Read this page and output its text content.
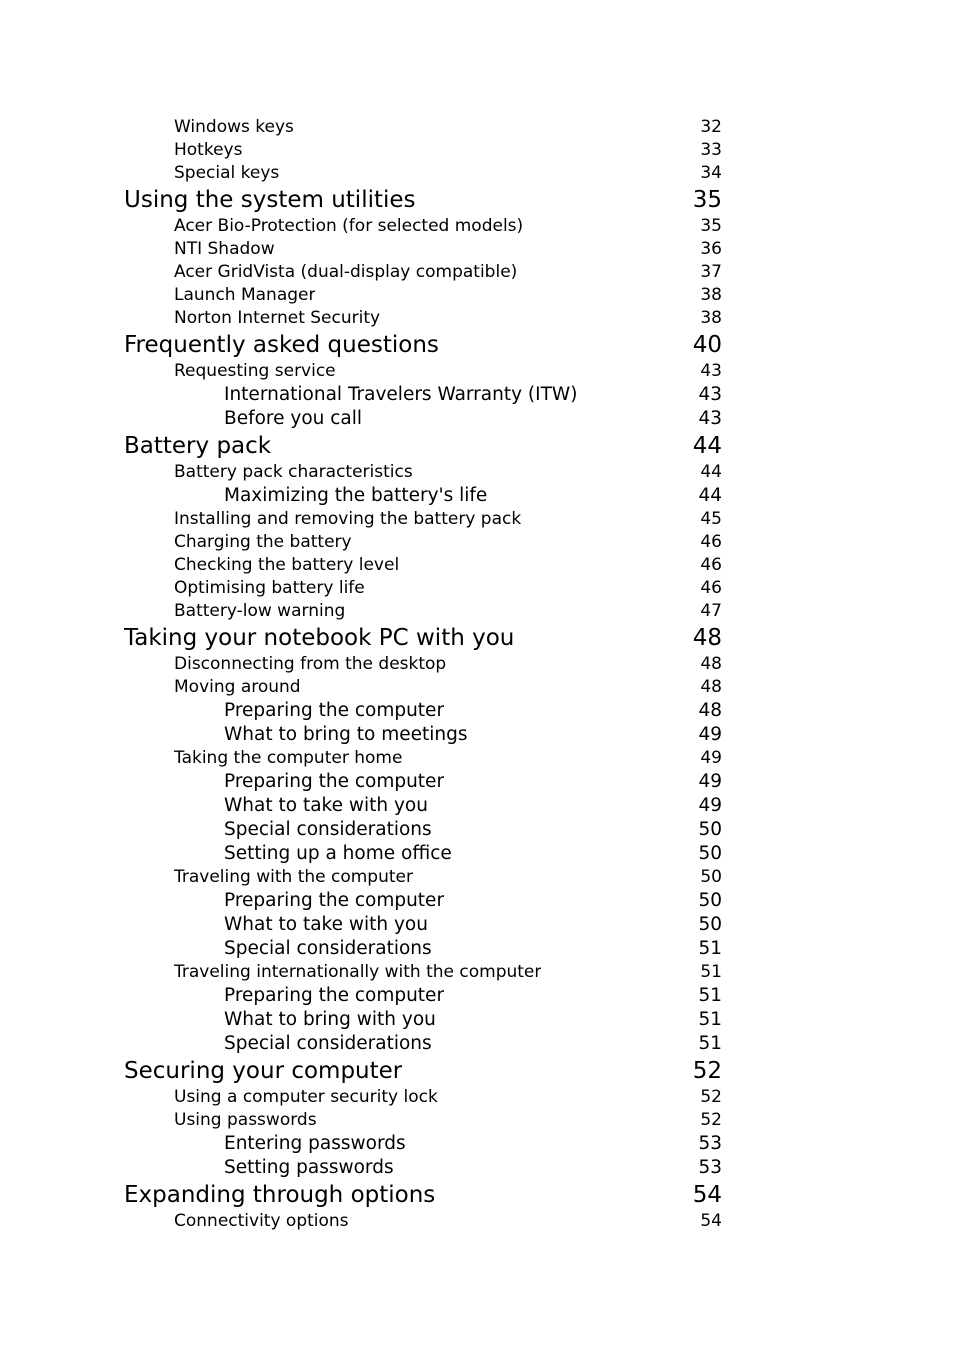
Windows keys	32
Hotkeys	33
Special keys	34
Using the system utilities	35
Acer Bio-Protection (for selected models)	35
NTI Shadow	36
Acer GridVista (dual-display compatible)	37
Launch Manager	38
Norton Internet Security	38
Frequently asked questions	40
Requesting service	43
International Travelers Warranty (ITW)	43
Before you call	43
Battery pack	44
Battery pack characteristics	44
Maximizing the battery's life	44
Installing and removing the battery pack	45
Charging the battery	46
Checking the battery level	46
Optimising battery life	46
Battery-low warning	47
Taking your notebook PC with you	48
Disconnecting from the desktop	48
Moving around	48
Preparing the computer	48
What to bring to meetings	49
Taking the computer home	49
Preparing the computer	49
What to take with you	49
Special considerations	50
Setting up a home office	50
Traveling with the computer	50
Preparing the computer	50
What to take with you	50
Special considerations	51
Traveling internationally with the computer	51
Preparing the computer	51
What to bring with you	51
Special considerations	51
Securing your computer	52
Using a computer security lock	52
Using passwords	52
Entering passwords	53
Setting passwords	53
Expanding through options	54
Connectivity options	54
